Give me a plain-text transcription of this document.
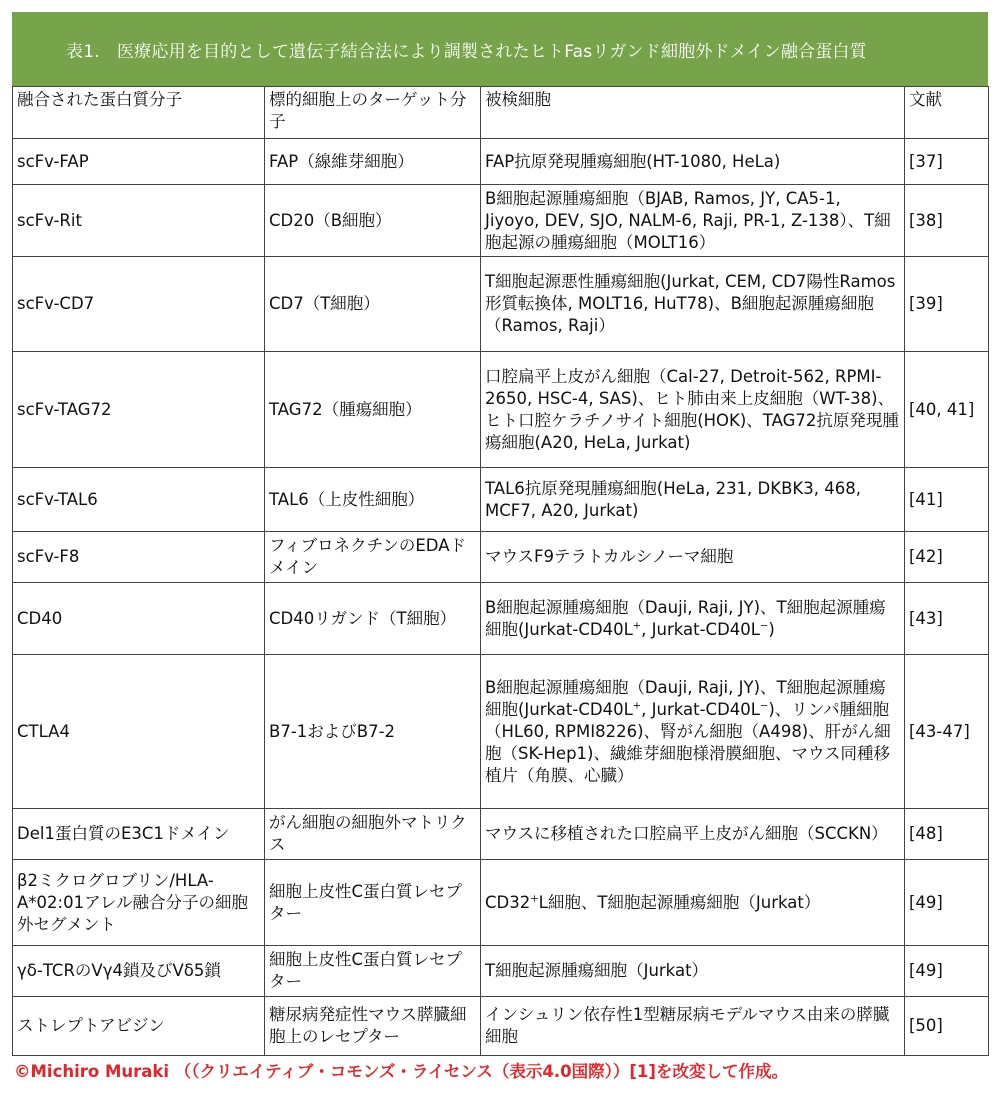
表1.　医療応用を目的として遺伝子結合法により調製されたヒトFasリガンド細胞外ドメイン融合蛋白質
融合された蛋白質分子	標的細胞上のターゲット分子	被検細胞	文献
scFv-FAP	FAP（線維芽細胞）	FAP抗原発現腫瘍細胞(HT-1080, HeLa)	[37]
scFv-Rit	CD20（B細胞）	B細胞起源腫瘍細胞（BJAB, Ramos, JY, CA5-1, Jiyoyo, DEV, SJO, NALM-6, Raji, PR-1, Z-138）、T細胞起源の腫瘍細胞（MOLT16）	[38]
scFv-CD7	CD7（T細胞）	T細胞起源悪性腫瘍細胞(Jurkat, CEM, CD7陽性Ramos形質転換体, MOLT16, HuT78)、B細胞起源腫瘍細胞（Ramos, Raji）	[39]
scFv-TAG72	TAG72（腫瘍細胞）	口腔扁平上皮がん細胞（Cal-27, Detroit-562, RPMI-2650, HSC-4, SAS)、ヒト肺由来上皮細胞（WT-38)、ヒト口腔ケラチノサイト細胞(HOK)、TAG72抗原発現腫瘍細胞(A20, HeLa, Jurkat)	[40, 41]
scFv-TAL6	TAL6（上皮性細胞）	TAL6抗原発現腫瘍細胞(HeLa, 231, DKBK3, 468, MCF7, A20, Jurkat)	[41]
scFv-F8	フィブロネクチンのEDAドメイン	マウスF9テラトカルシノーマ細胞	[42]
CD40	CD40リガンド（T細胞）	B細胞起源腫瘍細胞（Dauji, Raji, JY)、T細胞起源腫瘍細胞(Jurkat-CD40L+, Jurkat-CD40L−)	[43]
CTLA4	B7-1およびB7-2	B細胞起源腫瘍細胞（Dauji, Raji, JY)、T細胞起源腫瘍細胞(Jurkat-CD40L+, Jurkat-CD40L−)、リンパ腫細胞（HL60, RPMI8226)、腎がん細胞（A498)、肝がん細胞（SK-Hep1)、繊維芽細胞様滑膜細胞、マウス同種移植片（角膜、心臓）	[43-47]
Del1蛋白質のE3C1ドメイン	がん細胞の細胞外マトリクス	マウスに移植された口腔扁平上皮がん細胞（SCCKN）	[48]
β2ミクログロブリン/HLA-A*02:01アレル融合分子の細胞外セグメント	細胞上皮性C蛋白質レセプター	CD32+L細胞、T細胞起源腫瘍細胞（Jurkat）	[49]
γδ-TCRのVγ4鎖及びVδ5鎖	細胞上皮性C蛋白質レセプター	T細胞起源腫瘍細胞（Jurkat）	[49]
ストレプトアビジン	糖尿病発症性マウス膵臓細胞上のレセプター	インシュリン依存性1型糖尿病モデルマウス由来の膵臓細胞	[50]
©Michiro Muraki （（クリエイティブ・コモンズ・ライセンス（表示4.0国際））[1]を改変して作成。
